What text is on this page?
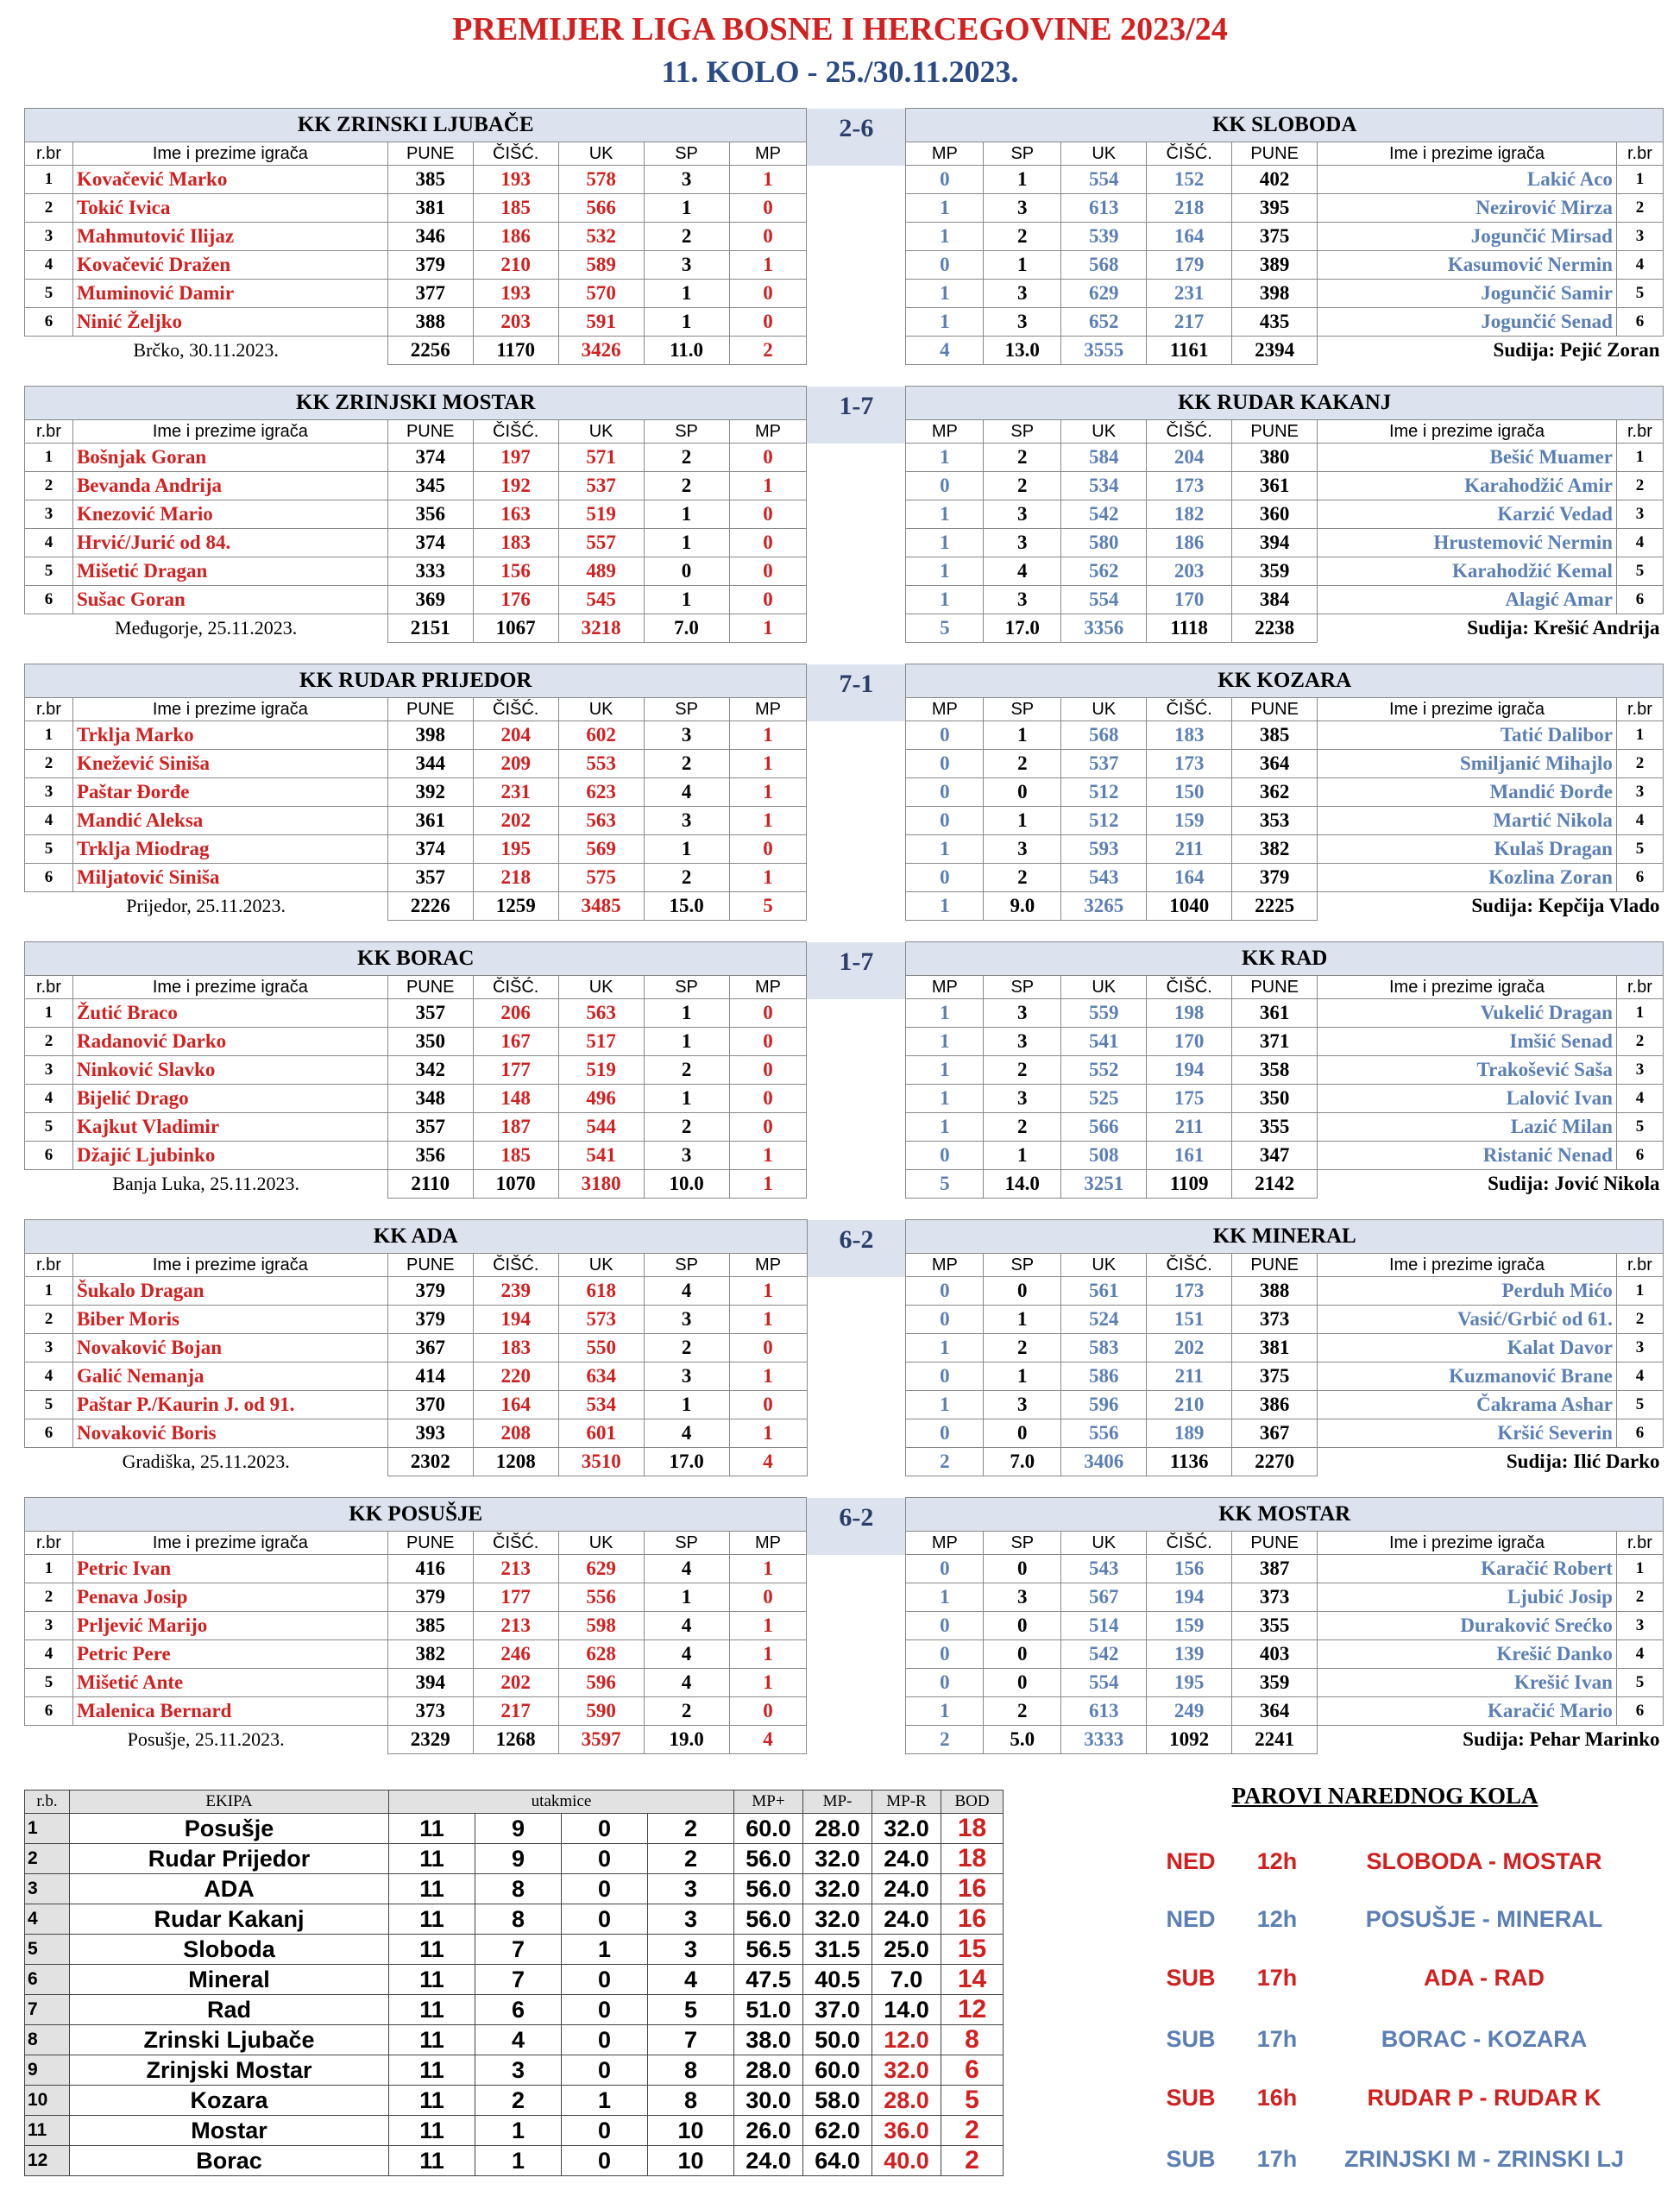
PREMIJER LIGA BOSNE I HERCEGOVINE 2023/24
11. KOLO - 25./30.11.2023.
KK ZRINSKI LJUBAČE							2-6	KK SLOBODA						
r.br	Ime i prezime igrača	PUNE	ČIŠĆ.	UK	SP	MP		MP	SP	UK	ČIŠĆ.	PUNE	Ime i prezime igrača	r.br
1	Kovačević Marko	385	193	578	3	1		0	1	554	152	402	Lakić Aco	1
2	Tokić Ivica	381	185	566	1	0		1	3	613	218	395	Nezirović Mirza	2
3	Mahmutović Ilijaz	346	186	532	2	0		1	2	539	164	375	Jogunčić Mirsad	3
4	Kovačević Dražen	379	210	589	3	1		0	1	568	179	389	Kasumović Nermin	4
5	Muminović Damir	377	193	570	1	0		1	3	629	231	398	Jogunčić Samir	5
6	Ninić Željko	388	203	591	1	0		1	3	652	217	435	Jogunčić Senad	6
Brčko, 30.11.2023.		2256	1170	3426	11.0	2		4	13.0	3555	1161	2394	Sudija: Pejić Zoran	
KK ZRINJSKI MOSTAR							1-7	KK RUDAR KAKANJ						
r.br	Ime i prezime igrača	PUNE	ČIŠĆ.	UK	SP	MP		MP	SP	UK	ČIŠĆ.	PUNE	Ime i prezime igrača	r.br
1	Bošnjak Goran	374	197	571	2	0		1	2	584	204	380	Bešić Muamer	1
2	Bevanda Andrija	345	192	537	2	1		0	2	534	173	361	Karahodžić Amir	2
3	Knezović Mario	356	163	519	1	0		1	3	542	182	360	Karzić Vedad	3
4	Hrvić/Jurić od 84.	374	183	557	1	0		1	3	580	186	394	Hrustemović Nermin	4
5	Mišetić Dragan	333	156	489	0	0		1	4	562	203	359	Karahodžić Kemal	5
6	Sušac Goran	369	176	545	1	0		1	3	554	170	384	Alagić Amar	6
Međugorje, 25.11.2023.		2151	1067	3218	7.0	1		5	17.0	3356	1118	2238	Sudija: Krešić Andrija	
KK RUDAR PRIJEDOR							7-1	KK KOZARA						
r.br	Ime i prezime igrača	PUNE	ČIŠĆ.	UK	SP	MP		MP	SP	UK	ČIŠĆ.	PUNE	Ime i prezime igrača	r.br
1	Trklja Marko	398	204	602	3	1		0	1	568	183	385	Tatić Dalibor	1
2	Knežević Siniša	344	209	553	2	1		0	2	537	173	364	Smiljanić Mihajlo	2
3	Paštar Đorđe	392	231	623	4	1		0	0	512	150	362	Mandić Đorđe	3
4	Mandić Aleksa	361	202	563	3	1		0	1	512	159	353	Martić Nikola	4
5	Trklja Miodrag	374	195	569	1	0		1	3	593	211	382	Kulaš Dragan	5
6	Miljatović Siniša	357	218	575	2	1		0	2	543	164	379	Kozlina Zoran	6
Prijedor, 25.11.2023.		2226	1259	3485	15.0	5		1	9.0	3265	1040	2225	Sudija: Kepčija Vlado	
KK BORAC							1-7	KK RAD						
r.br	Ime i prezime igrača	PUNE	ČIŠĆ.	UK	SP	MP		MP	SP	UK	ČIŠĆ.	PUNE	Ime i prezime igrača	r.br
1	Žutić Braco	357	206	563	1	0		1	3	559	198	361	Vukelić Dragan	1
2	Radanović Darko	350	167	517	1	0		1	3	541	170	371	Imšić Senad	2
3	Ninković Slavko	342	177	519	2	0		1	2	552	194	358	Trakošević Saša	3
4	Bijelić Drago	348	148	496	1	0		1	3	525	175	350	Lalović Ivan	4
5	Kajkut Vladimir	357	187	544	2	0		1	2	566	211	355	Lazić Milan	5
6	Džajić Ljubinko	356	185	541	3	1		0	1	508	161	347	Ristanić Nenad	6
Banja Luka, 25.11.2023.		2110	1070	3180	10.0	1		5	14.0	3251	1109	2142	Sudija: Jović Nikola	
KK ADA							6-2	KK MINERAL						
r.br	Ime i prezime igrača	PUNE	ČIŠĆ.	UK	SP	MP		MP	SP	UK	ČIŠĆ.	PUNE	Ime i prezime igrača	r.br
1	Šukalo Dragan	379	239	618	4	1		0	0	561	173	388	Perduh Mićo	1
2	Biber Moris	379	194	573	3	1		0	1	524	151	373	Vasić/Grbić od 61.	2
3	Novaković Bojan	367	183	550	2	0		1	2	583	202	381	Kalat Davor	3
4	Galić Nemanja	414	220	634	3	1		0	1	586	211	375	Kuzmanović Brane	4
5	Paštar P./Kaurin J. od 91.	370	164	534	1	0		1	3	596	210	386	Čakrama Ashar	5
6	Novaković Boris	393	208	601	4	1		0	0	556	189	367	Kršić Severin	6
Gradiška, 25.11.2023.		2302	1208	3510	17.0	4		2	7.0	3406	1136	2270	Sudija: Ilić Darko	
KK POSUŠJE							6-2	KK MOSTAR						
r.br	Ime i prezime igrača	PUNE	ČIŠĆ.	UK	SP	MP		MP	SP	UK	ČIŠĆ.	PUNE	Ime i prezime igrača	r.br
1	Petric Ivan	416	213	629	4	1		0	0	543	156	387	Karačić Robert	1
2	Penava Josip	379	177	556	1	0		1	3	567	194	373	Ljubić Josip	2
3	Prljević Marijo	385	213	598	4	1		0	0	514	159	355	Duraković Srećko	3
4	Petric Pere	382	246	628	4	1		0	0	542	139	403	Krešić Danko	4
5	Mišetić Ante	394	202	596	4	1		0	0	554	195	359	Krešić Ivan	5
6	Malenica Bernard	373	217	590	2	0		1	2	613	249	364	Karačić Mario	6
Posušje, 25.11.2023.		2329	1268	3597	19.0	4		2	5.0	3333	1092	2241	Sudija: Pehar Marinko	
r.b.	EKIPA	utakmice				MP+	MP-	MP-R	BOD
1	Posušje	11	9	0	2	60.0	28.0	32.0	18
2	Rudar Prijedor	11	9	0	2	56.0	32.0	24.0	18
3	ADA	11	8	0	3	56.0	32.0	24.0	16
4	Rudar Kakanj	11	8	0	3	56.0	32.0	24.0	16
5	Sloboda	11	7	1	3	56.5	31.5	25.0	15
6	Mineral	11	7	0	4	47.5	40.5	7.0	14
7	Rad	11	6	0	5	51.0	37.0	14.0	12
8	Zrinski Ljubače	11	4	0	7	38.0	50.0	12.0	8
9	Zrinjski Mostar	11	3	0	8	28.0	60.0	32.0	6
10	Kozara	11	2	1	8	30.0	58.0	28.0	5
11	Mostar	11	1	0	10	26.0	62.0	36.0	2
12	Borac	11	1	0	10	24.0	64.0	40.0	2
PAROVI NAREDNOG KOLA
NED	12h	SLOBODA - MOSTAR
NED	12h	POSUŠJE - MINERAL
SUB	17h	ADA - RAD
SUB	17h	BORAC - KOZARA
SUB	16h	RUDAR P - RUDAR K
SUB	17h	ZRINJSKI M - ZRINSKI LJ
